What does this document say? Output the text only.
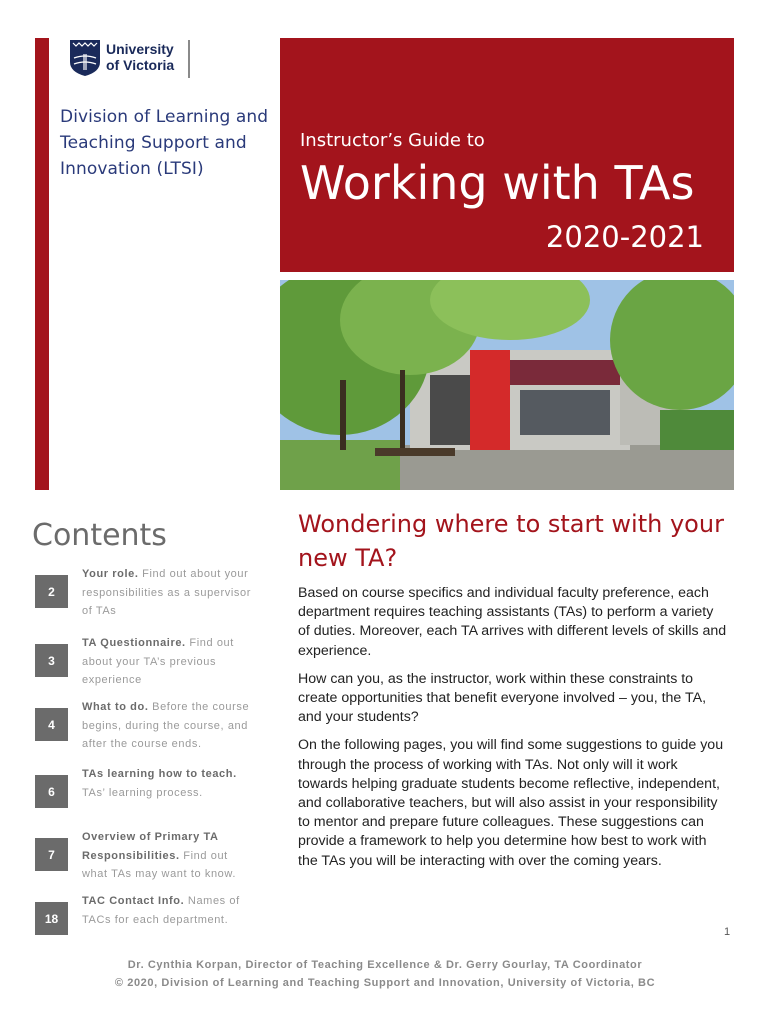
University
of Victoria
Division of Learning and Teaching Support and Innovation (LTSI)
Instructor’s Guide to
Working with TAs
2020-2021
Contents
2
Your role. Find out about your responsibilities as a supervisor of TAs
3
TA Questionnaire. Find out about your TA’s previous experience
4
What to do. Before the course begins, during the course, and after the course ends.
6
TAs learning how to teach. TAs’ learning process.
7
Overview of Primary TA Responsibilities. Find out what TAs may want to know.
18
TAC Contact Info. Names of TACs for each department.
Wondering where to start with your new TA?

Based on course specifics and individual faculty preference, each department requires teaching assistants (TAs) to perform a variety of duties. Moreover, each TA arrives with different levels of skills and experience.

How can you, as the instructor, work within these constraints to create opportunities that benefit everyone involved – you, the TA, and your students?

On the following pages, you will find some suggestions to guide you through the process of working with TAs. Not only will it work towards helping graduate students become reflective, independent, and collaborative teachers, but will also assist in your responsibility to mentor and prepare future colleagues. These suggestions can provide a framework to help you determine how best to work with the TAs you will be interacting with over the coming years.

1
Dr. Cynthia Korpan, Director of Teaching Excellence & Dr. Gerry Gourlay, TA Coordinator
© 2020, Division of Learning and Teaching Support and Innovation, University of Victoria, BC
